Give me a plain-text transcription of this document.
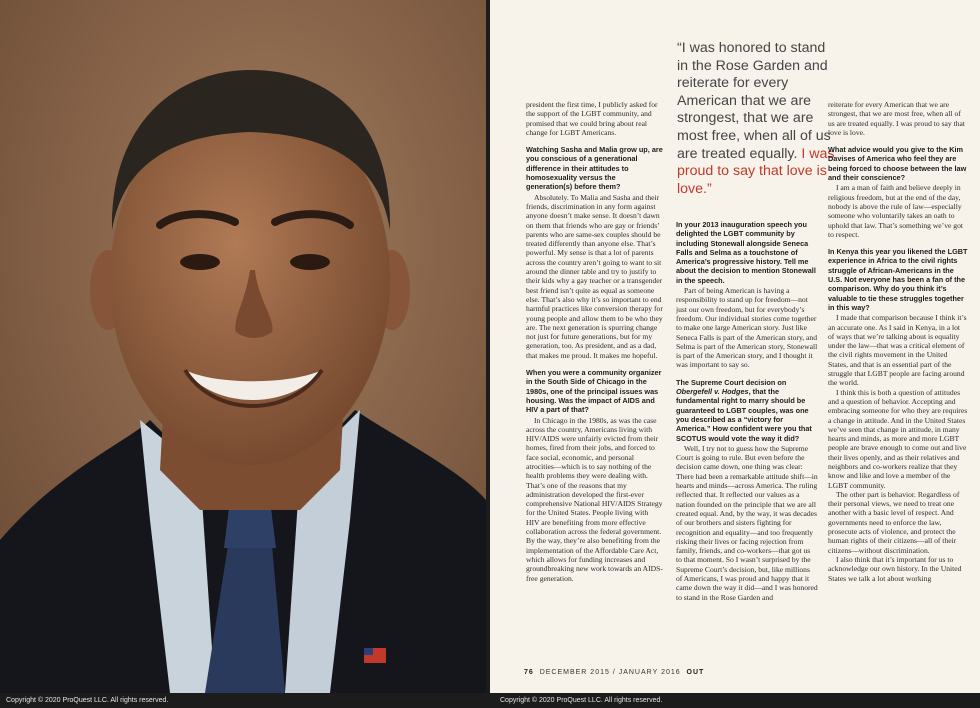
president the first time, I publicly asked for the support of the LGBT community, and promised that we could bring about real change for LGBT Americans.

Watching Sasha and Malia grow up, are you conscious of a generational difference in their attitudes to homosexuality versus the generation(s) before them?

Absolutely. To Malia and Sasha and their friends, discrimination in any form against anyone doesn’t make sense. It doesn’t dawn on them that friends who are gay or friends’ parents who are same-sex couples should be treated differently than anyone else. That’s powerful. My sense is that a lot of parents across the country aren’t going to want to sit around the dinner table and try to justify to their kids why a gay teacher or a transgender best friend isn’t quite as equal as someone else. That’s also why it’s so important to end harmful practices like conversion therapy for young people and allow them to be who they are. The next generation is spurring change not just for future generations, but for my generation, too. As president, and as a dad, that makes me proud. It makes me hopeful.

When you were a community organizer in the South Side of Chicago in the 1980s, one of the principal issues was housing. Was the impact of AIDS and HIV a part of that?

In Chicago in the 1980s, as was the case across the country, Americans living with HIV/AIDS were unfairly evicted from their homes, fired from their jobs, and forced to face social, economic, and personal atrocities—which is to say nothing of the health problems they were dealing with. That’s one of the reasons that my administration developed the first-ever comprehensive National HIV/AIDS Strategy for the United States. People living with HIV are benefiting from more effective collaboration across the federal government. By the way, they’re also benefiting from the implementation of the Affordable Care Act, which allows for funding increases and groundbreaking new work towards an AIDS-free generation.

“I was honored to stand in the Rose Garden and reiterate for every American that we are strongest, that we are most free, when all of us are treated equally. I was proud to say that love is love.”

In your 2013 inauguration speech you delighted the LGBT community by including Stonewall alongside Seneca Falls and Selma as a touchstone of America’s progressive history. Tell me about the decision to mention Stonewall in the speech.

Part of being American is having a responsibility to stand up for freedom—not just our own freedom, but for everybody’s freedom. Our individual stories come together to make one large American story. Just like Seneca Falls is part of the American story, and Selma is part of the American story, Stonewall is part of the American story, and I thought it was important to say so.

The Supreme Court decision on Obergefell v. Hodges, that the fundamental right to marry should be guaranteed to LGBT couples, was one you described as a “victory for America.” How confident were you that SCOTUS would vote the way it did?

Well, I try not to guess how the Supreme Court is going to rule. But even before the decision came down, one thing was clear: There had been a remarkable attitude shift—in hearts and minds—across America. The ruling reflected that. It reflected our values as a nation founded on the principle that we are all created equal. And, by the way, it was decades of our brothers and sisters fighting for recognition and equality—and too frequently risking their lives or facing rejection from family, friends, and co-workers—that got us to that moment. So I wasn’t surprised by the Supreme Court’s decision, but, like millions of Americans, I was proud and happy that it came down the way it did—and I was honored to stand in the Rose Garden and

reiterate for every American that we are strongest, that we are most free, when all of us are treated equally. I was proud to say that love is love.

What advice would you give to the Kim Davises of America who feel they are being forced to choose between the law and their conscience?

I am a man of faith and believe deeply in religious freedom, but at the end of the day, nobody is above the rule of law—especially someone who voluntarily takes an oath to uphold that law. That’s something we’ve got to respect.

In Kenya this year you likened the LGBT experience in Africa to the civil rights struggle of African-Americans in the U.S. Not everyone has been a fan of the comparison. Why do you think it’s valuable to tie these struggles together in this way?

I made that comparison because I think it’s an accurate one. As I said in Kenya, in a lot of ways that we’re talking about is equality under the law—that was a critical element of the civil rights movement in the United States, and that is an essential part of the struggle that LGBT people are facing around the world.

I think this is both a question of attitudes and a question of behavior. Accepting and embracing someone for who they are requires a change in attitude. And in the United States we’ve seen that change in attitude, in many hearts and minds, as more and more LGBT people are brave enough to come out and live their lives openly, and as their relatives and neighbors and co-workers realize that they know and like and love a member of the LGBT community.

The other part is behavior. Regardless of their personal views, we need to treat one another with a basic level of respect. And governments need to enforce the law, prosecute acts of violence, and protect the human rights of their citizens—all of their citizens—without discrimination.

I also think that it’s important for us to acknowledge our own history. In the United States we talk a lot about working

76 DECEMBER 2015 / JANUARY 2016 OUT
Copyright © 2020 ProQuest LLC. All rights reserved.	Copyright © 2020 ProQuest LLC. All rights reserved.
